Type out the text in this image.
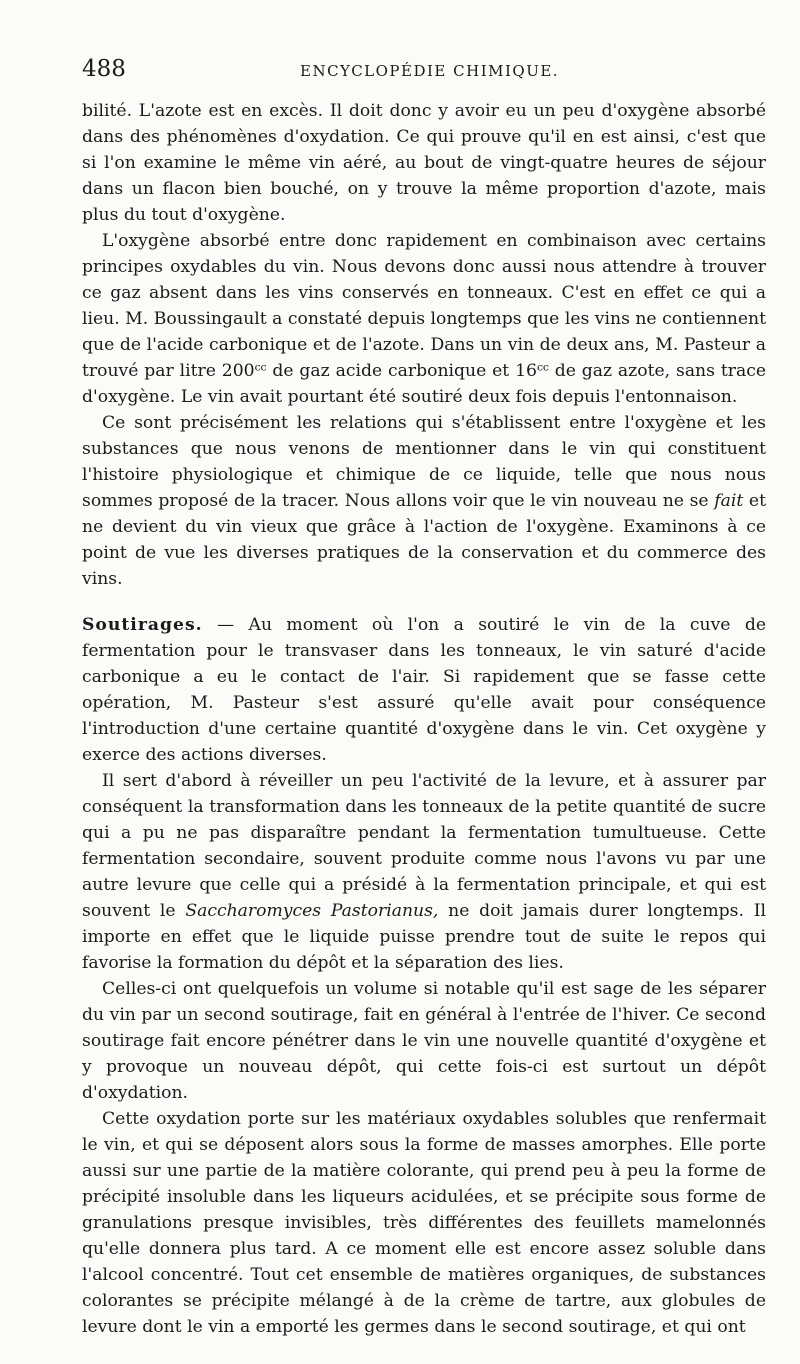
488	ENCYCLOPÉDIE CHIMIQUE.

bilité. L'azote est en excès. Il doit donc y avoir eu un peu d'oxygène absorbé dans des phénomènes d'oxydation. Ce qui prouve qu'il en est ainsi, c'est que si l'on examine le même vin aéré, au bout de vingt-quatre heures de séjour dans un flacon bien bouché, on y trouve la même proportion d'azote, mais plus du tout d'oxygène.

L'oxygène absorbé entre donc rapidement en combinaison avec certains principes oxydables du vin. Nous devons donc aussi nous attendre à trouver ce gaz absent dans les vins conservés en tonneaux. C'est en effet ce qui a lieu. M. Boussingault a constaté depuis longtemps que les vins ne contiennent que de l'acide carbonique et de l'azote. Dans un vin de deux ans, M. Pasteur a trouvé par litre 200ᶜᶜ de gaz acide carbonique et 16ᶜᶜ de gaz azote, sans trace d'oxygène. Le vin avait pourtant été soutiré deux fois depuis l'entonnaison.

Ce sont précisément les relations qui s'établissent entre l'oxygène et les substances que nous venons de mentionner dans le vin qui constituent l'histoire physiologique et chimique de ce liquide, telle que nous nous sommes proposé de la tracer. Nous allons voir que le vin nouveau ne se fait et ne devient du vin vieux que grâce à l'action de l'oxygène. Examinons à ce point de vue les diverses pratiques de la conservation et du commerce des vins.

Soutirages. — Au moment où l'on a soutiré le vin de la cuve de fermentation pour le transvaser dans les tonneaux, le vin saturé d'acide carbonique a eu le contact de l'air. Si rapidement que se fasse cette opération, M. Pasteur s'est assuré qu'elle avait pour conséquence l'introduction d'une certaine quantité d'oxygène dans le vin. Cet oxygène y exerce des actions diverses.

Il sert d'abord à réveiller un peu l'activité de la levure, et à assurer par conséquent la transformation dans les tonneaux de la petite quantité de sucre qui a pu ne pas disparaître pendant la fermentation tumultueuse. Cette fermentation secondaire, souvent produite comme nous l'avons vu par une autre levure que celle qui a présidé à la fermentation principale, et qui est souvent le Saccharomyces Pastorianus, ne doit jamais durer longtemps. Il importe en effet que le liquide puisse prendre tout de suite le repos qui favorise la formation du dépôt et la séparation des lies.

Celles-ci ont quelquefois un volume si notable qu'il est sage de les séparer du vin par un second soutirage, fait en général à l'entrée de l'hiver. Ce second soutirage fait encore pénétrer dans le vin une nouvelle quantité d'oxygène et y provoque un nouveau dépôt, qui cette fois-ci est surtout un dépôt d'oxydation.

Cette oxydation porte sur les matériaux oxydables solubles que renfermait le vin, et qui se déposent alors sous la forme de masses amorphes. Elle porte aussi sur une partie de la matière colorante, qui prend peu à peu la forme de précipité insoluble dans les liqueurs acidulées, et se précipite sous forme de granulations presque invisibles, très différentes des feuillets mamelonnés qu'elle donnera plus tard. A ce moment elle est encore assez soluble dans l'alcool concentré. Tout cet ensemble de matières organiques, de substances colorantes se précipite mélangé à de la crème de tartre, aux globules de levure dont le vin a emporté les germes dans le second soutirage, et qui ont
